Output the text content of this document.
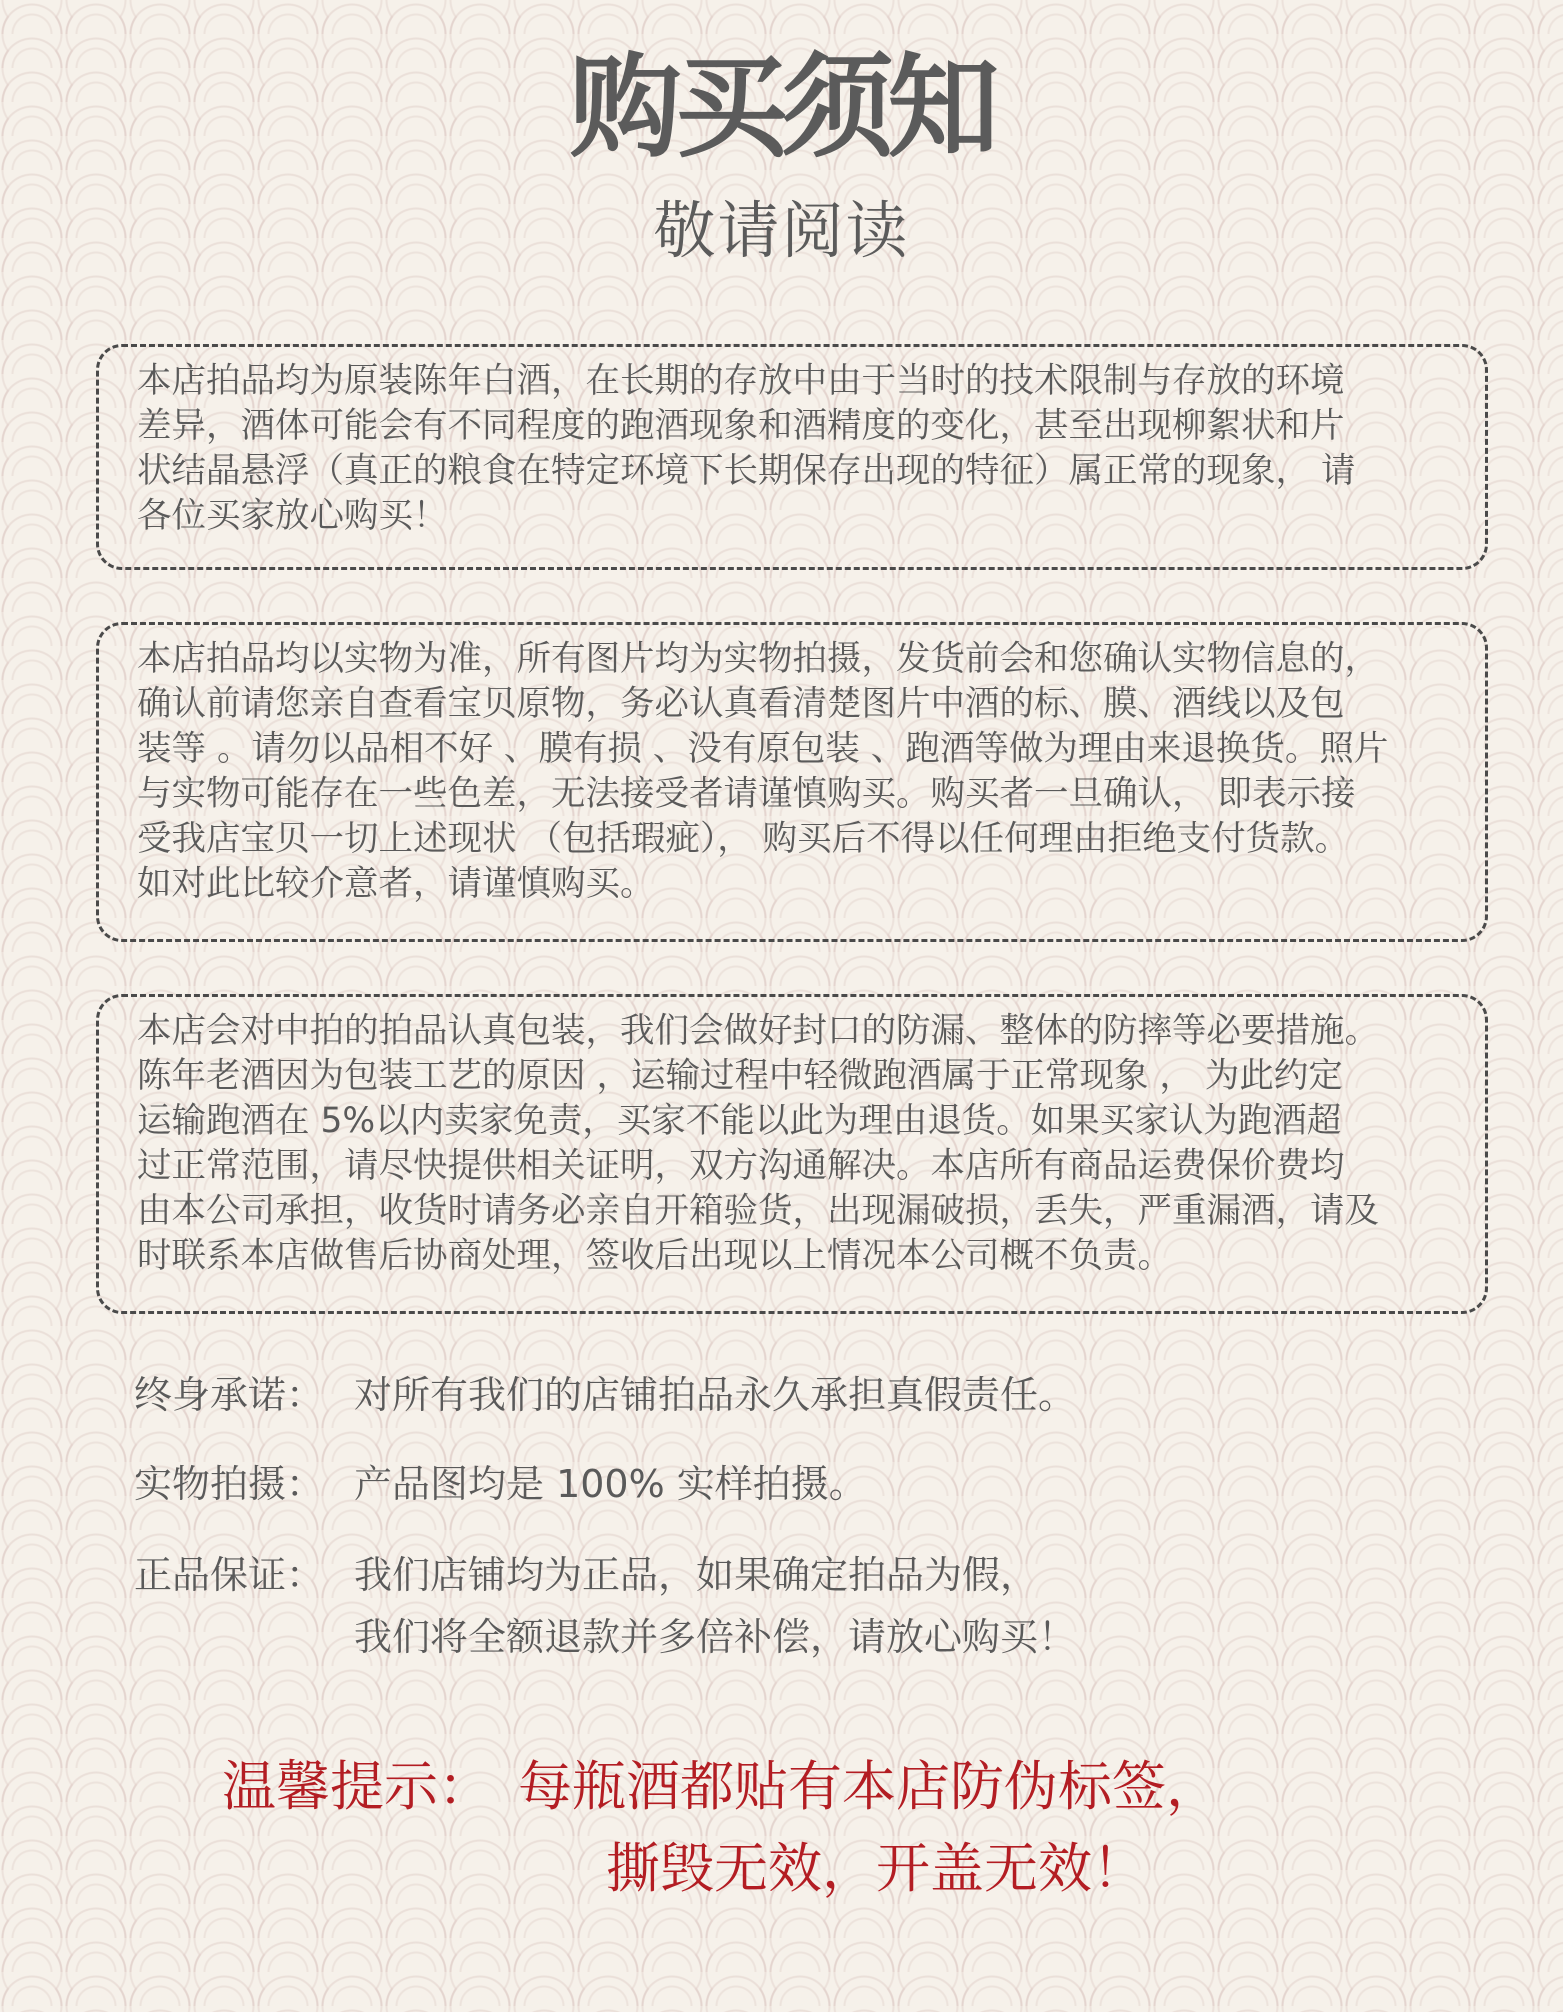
购买须知
敬请阅读

本店拍品均为原装陈年白酒，在长期的存放中由于当时的技术限制与存放的环境

差异，酒体可能会有不同程度的跑酒现象和酒精度的变化，甚至出现柳絮状和片

状结晶悬浮（真正的粮食在特定环境下长期保存出现的特征）属正常的现象， 请

各位买家放心购买！

本店拍品均以实物为准，所有图片均为实物拍摄，发货前会和您确认实物信息的，

确认前请您亲自查看宝贝原物，务必认真看清楚图片中酒的标、膜、酒线以及包

装等 。请勿以品相不好 、膜有损 、没有原包装 、跑酒等做为理由来退换货。照片

与实物可能存在一些色差，无法接受者请谨慎购买。购买者一旦确认， 即表示接

受我店宝贝一切上述现状 （包括瑕疵）， 购买后不得以任何理由拒绝支付货款。

如对此比较介意者，请谨慎购买。

本店会对中拍的拍品认真包装，我们会做好封口的防漏、整体的防摔等必要措施。

陈年老酒因为包装工艺的原因 ，运输过程中轻微跑酒属于正常现象 ， 为此约定

运输跑酒在 5%以内卖家免责，买家不能以此为理由退货。如果买家认为跑酒超

过正常范围，请尽快提供相关证明，双方沟通解决。本店所有商品运费保价费均

由本公司承担，收货时请务必亲自开箱验货，出现漏破损，丢失，严重漏酒，请及

时联系本店做售后协商处理，签收后出现以上情况本公司概不负责。

终身承诺： 对所有我们的店铺拍品永久承担真假责任。
实物拍摄： 产品图均是 100% 实样拍摄。
正品保证： 我们店铺均为正品，如果确定拍品为假，
我们将全额退款并多倍补偿，请放心购买！
温馨提示： 每瓶酒都贴有本店防伪标签，
撕毁无效，开盖无效！
